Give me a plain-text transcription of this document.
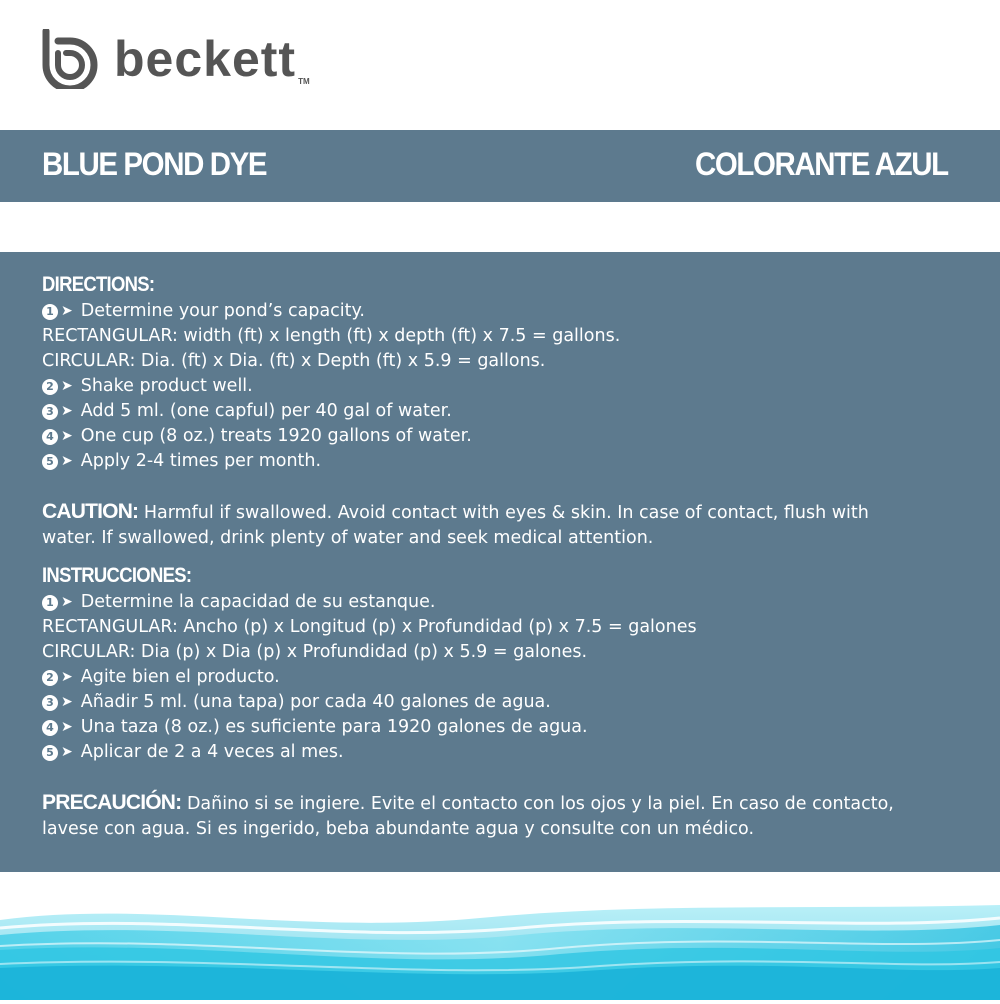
beckett TM
BLUE POND DYE	COLORANTE AZUL
DIRECTIONS:
1 ➤ Determine your pond’s capacity.
RECTANGULAR: width (ft) x length (ft) x depth (ft) x 7.5 = gallons.
CIRCULAR: Dia. (ft) x Dia. (ft) x Depth (ft) x 5.9 = gallons.
2 ➤ Shake product well.
3 ➤ Add 5 ml. (one capful) per 40 gal of water.
4 ➤ One cup (8 oz.) treats 1920 gallons of water.
5 ➤ Apply 2-4 times per month.
CAUTION: Harmful if swallowed. Avoid contact with eyes & skin. In case of contact, flush with
water. If swallowed, drink plenty of water and seek medical attention.
INSTRUCCIONES:
1 ➤ Determine la capacidad de su estanque.
RECTANGULAR: Ancho (p) x Longitud (p) x Profundidad (p) x 7.5 = galones
CIRCULAR: Dia (p) x Dia (p) x Profundidad (p) x 5.9 = galones.
2 ➤ Agite bien el producto.
3 ➤ Añadir 5 ml. (una tapa) por cada 40 galones de agua.
4 ➤ Una taza (8 oz.) es suficiente para 1920 galones de agua.
5 ➤ Aplicar de 2 a 4 veces al mes.
PRECAUCIÓN: Dañino si se ingiere. Evite el contacto con los ojos y la piel. En caso de contacto,
lavese con agua. Si es ingerido, beba abundante agua y consulte con un médico.
